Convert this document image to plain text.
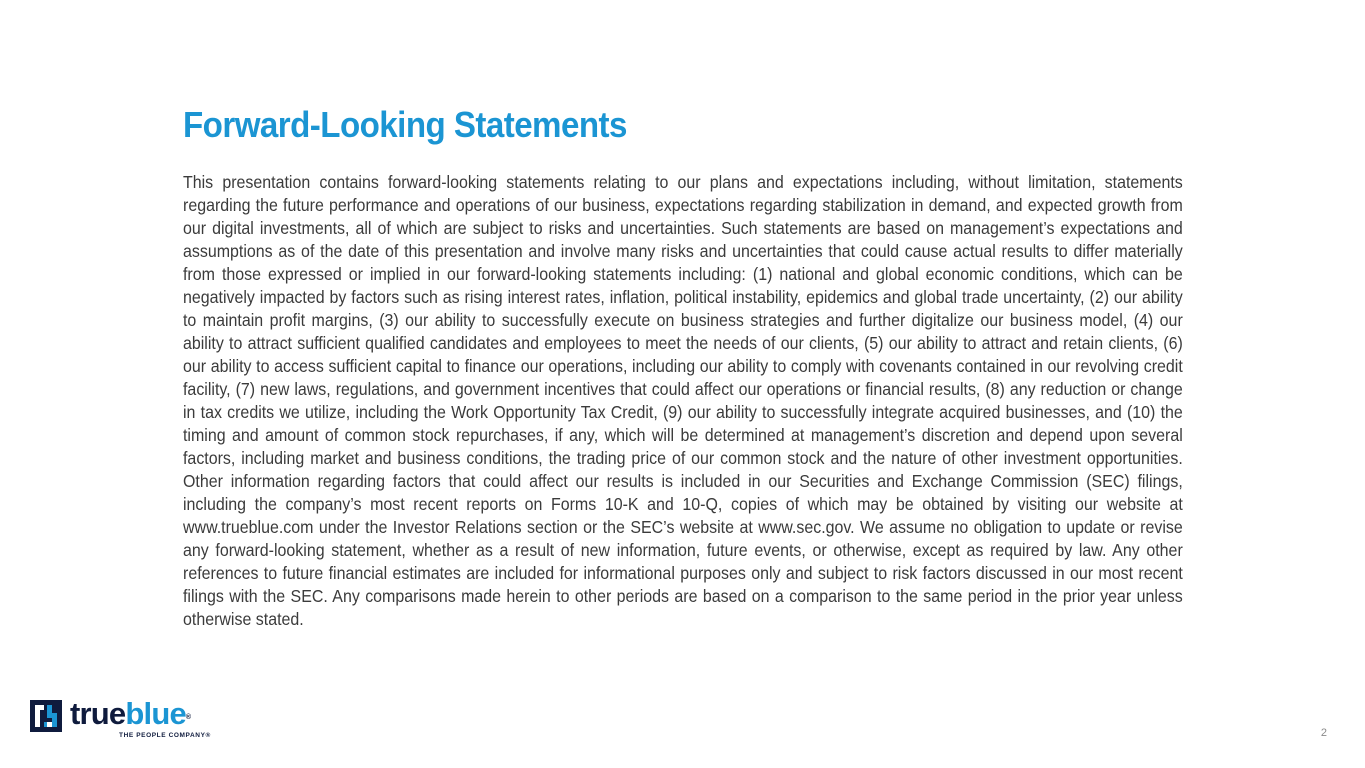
Forward-Looking Statements

This presentation contains forward-looking statements relating to our plans and expectations including, without limitation, statements regarding the future performance and operations of our business, expectations regarding stabilization in demand, and expected growth from our digital investments, all of which are subject to risks and uncertainties. Such statements are based on management’s expectations and assumptions as of the date of this presentation and involve many risks and uncertainties that could cause actual results to differ materially from those expressed or implied in our forward-looking statements including: (1) national and global economic conditions, which can be negatively impacted by factors such as rising interest rates, inflation, political instability, epidemics and global trade uncertainty, (2) our ability to maintain profit margins, (3) our ability to successfully execute on business strategies and further digitalize our business model, (4) our ability to attract sufficient qualified candidates and employees to meet the needs of our clients, (5) our ability to attract and retain clients, (6) our ability to access sufficient capital to finance our operations, including our ability to comply with covenants contained in our revolving credit facility, (7) new laws, regulations, and government incentives that could affect our operations or financial results, (8) any reduction or change in tax credits we utilize, including the Work Opportunity Tax Credit, (9) our ability to successfully integrate acquired businesses, and (10) the timing and amount of common stock repurchases, if any, which will be determined at management’s discretion and depend upon several factors, including market and business conditions, the trading price of our common stock and the nature of other investment opportunities. Other information regarding factors that could affect our results is included in our Securities and Exchange Commission (SEC) filings, including the company’s most recent reports on Forms 10-K and 10-Q, copies of which may be obtained by visiting our website at www.trueblue.com under the Investor Relations section or the SEC’s website at www.sec.gov. We assume no obligation to update or revise any forward-looking statement, whether as a result of new information, future events, or otherwise, except as required by law. Any other references to future financial estimates are included for informational purposes only and subject to risk factors discussed in our most recent filings with the SEC. Any comparisons made herein to other periods are based on a comparison to the same period in the prior year unless otherwise stated.

trueblue®

THE PEOPLE COMPANY®	2
